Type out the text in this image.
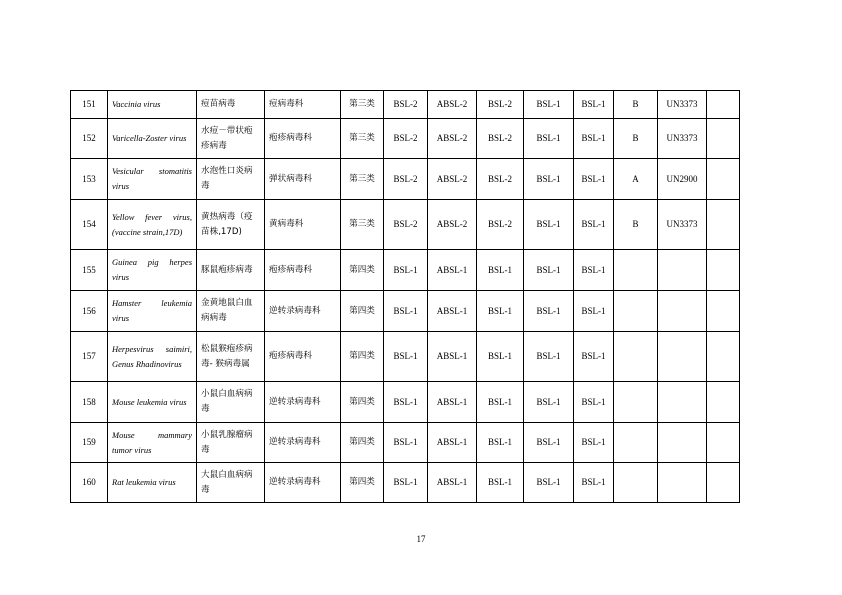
151	Vaccinia virus	痘苗病毒	痘病毒科	第三类	BSL-2	ABSL-2	BSL-2	BSL-1	BSL-1	B	UN3373	
152	Varicella-Zoster virus	水痘－带状疱疹病毒	疱疹病毒科	第三类	BSL-2	ABSL-2	BSL-2	BSL-1	BSL-1	B	UN3373	
153	Vesicular stomatitis virus	水泡性口炎病毒	弹状病毒科	第三类	BSL-2	ABSL-2	BSL-2	BSL-1	BSL-1	A	UN2900	
154	Yellow fever virus, (vaccine strain,17D)	黄热病毒（疫苗株,17D)	黄病毒科	第三类	BSL-2	ABSL-2	BSL-2	BSL-1	BSL-1	B	UN3373	
155	Guinea pig herpes virus	豚鼠疱疹病毒	疱疹病毒科	第四类	BSL-1	ABSL-1	BSL-1	BSL-1	BSL-1			
156	Hamster leukemia virus	金黄地鼠白血病病毒	逆转录病毒科	第四类	BSL-1	ABSL-1	BSL-1	BSL-1	BSL-1			
157	Herpesvirus saimiri, Genus Rhadinovirus	松鼠猴疱疹病毒- 猴病毒属	疱疹病毒科	第四类	BSL-1	ABSL-1	BSL-1	BSL-1	BSL-1			
158	Mouse leukemia virus	小鼠白血病病毒	逆转录病毒科	第四类	BSL-1	ABSL-1	BSL-1	BSL-1	BSL-1			
159	Mouse mammary tumor virus	小鼠乳腺瘤病毒	逆转录病毒科	第四类	BSL-1	ABSL-1	BSL-1	BSL-1	BSL-1			
160	Rat leukemia virus	大鼠白血病病毒	逆转录病毒科	第四类	BSL-1	ABSL-1	BSL-1	BSL-1	BSL-1			
17
